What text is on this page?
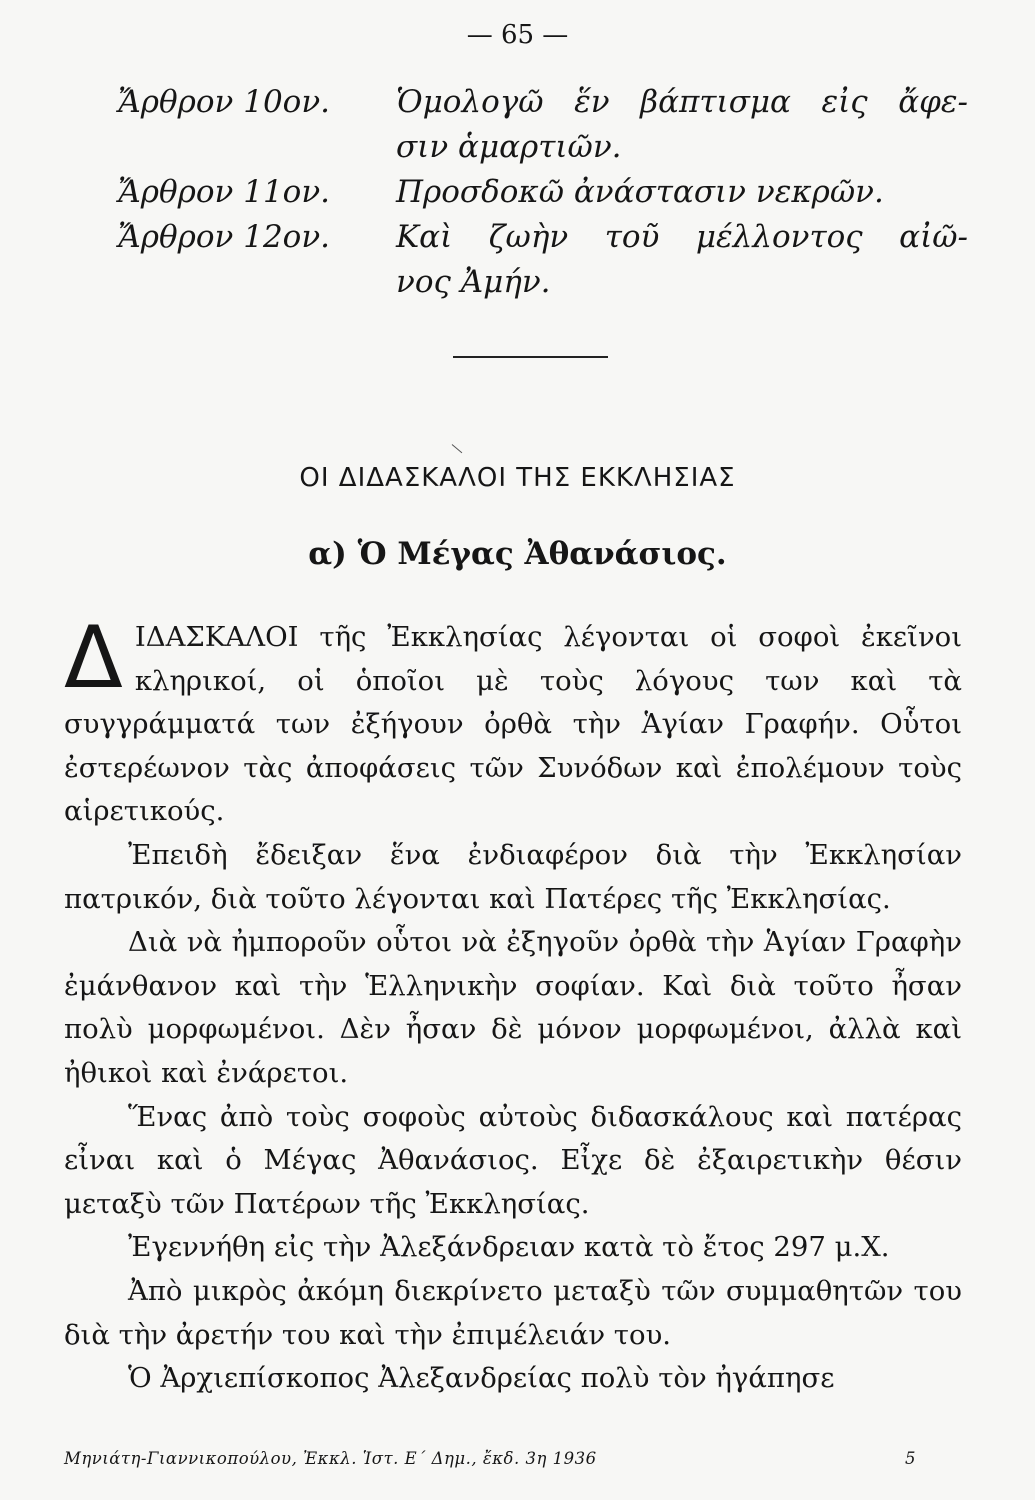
— 65 —
Ἄρθρον 10ον.	Ὁμολογῶ ἕν βάπτισμα εἰς ἄφε-
σιν ἁμαρτιῶν.
Ἄρθρον 11ον.	Προσδοκῶ ἀνάστασιν νεκρῶν.
Ἄρθρον 12ον.	Καὶ ζωὴν τοῦ μέλλοντος αἰῶ-
νος Ἀμήν.
ΟΙ ΔΙΔΑΣΚΑΛΟΙ ΤΗΣ ΕΚΚΛΗΣΙΑΣ
α) Ὁ Μέγας Ἀθανάσιος.

ΔΙΔΑΣΚΑΛΟΙ τῆς Ἐκκλησίας λέγονται οἱ σοφοὶ ἐκεῖνοι κληρικοί, οἱ ὁποῖοι μὲ τοὺς λόγους των καὶ τὰ συγγράμματά των ἐξήγουν ὀρθὰ τὴν Ἁγίαν Γραφήν. Οὗτοι ἐστερέωνον τὰς ἀποφάσεις τῶν Συνόδων καὶ ἐπολέμουν τοὺς αἱρετικούς.

Ἐπειδὴ ἔδειξαν ἕνα ἐνδιαφέρον διὰ τὴν Ἐκκλησίαν πατρικόν, διὰ τοῦτο λέγονται καὶ Πατέρες τῆς Ἐκκλησίας.

Διὰ νὰ ἠμποροῦν οὗτοι νὰ ἐξηγοῦν ὀρθὰ τὴν Ἁγίαν Γραφὴν ἐμάνθανον καὶ τὴν Ἑλληνικὴν σοφίαν. Καὶ διὰ τοῦτο ἦσαν πολὺ μορφωμένοι. Δὲν ἦσαν δὲ μόνον μορφωμένοι, ἀλλὰ καὶ ἠθικοὶ καὶ ἐνάρετοι.

Ἕνας ἀπὸ τοὺς σοφοὺς αὐτοὺς διδασκάλους καὶ πατέρας εἶναι καὶ ὁ Μέγας Ἀθανάσιος. Εἶχε δὲ ἐξαιρετικὴν θέσιν μεταξὺ τῶν Πατέρων τῆς Ἐκκλησίας.

Ἐγεννήθη εἰς τὴν Ἀλεξάνδρειαν κατὰ τὸ ἔτος 297 μ.Χ.

Ἀπὸ μικρὸς ἀκόμη διεκρίνετο μεταξὺ τῶν συμμαθητῶν του διὰ τὴν ἀρετήν του καὶ τὴν ἐπιμέλειάν του.

Ὁ Ἀρχιεπίσκοπος Ἀλεξανδρείας πολὺ τὸν ἠγάπησε

Μηνιάτη-Γιαννικοπούλου, Ἐκκλ. Ἱστ. Ε΄ Δημ., ἔκδ. 3η 1936	5
